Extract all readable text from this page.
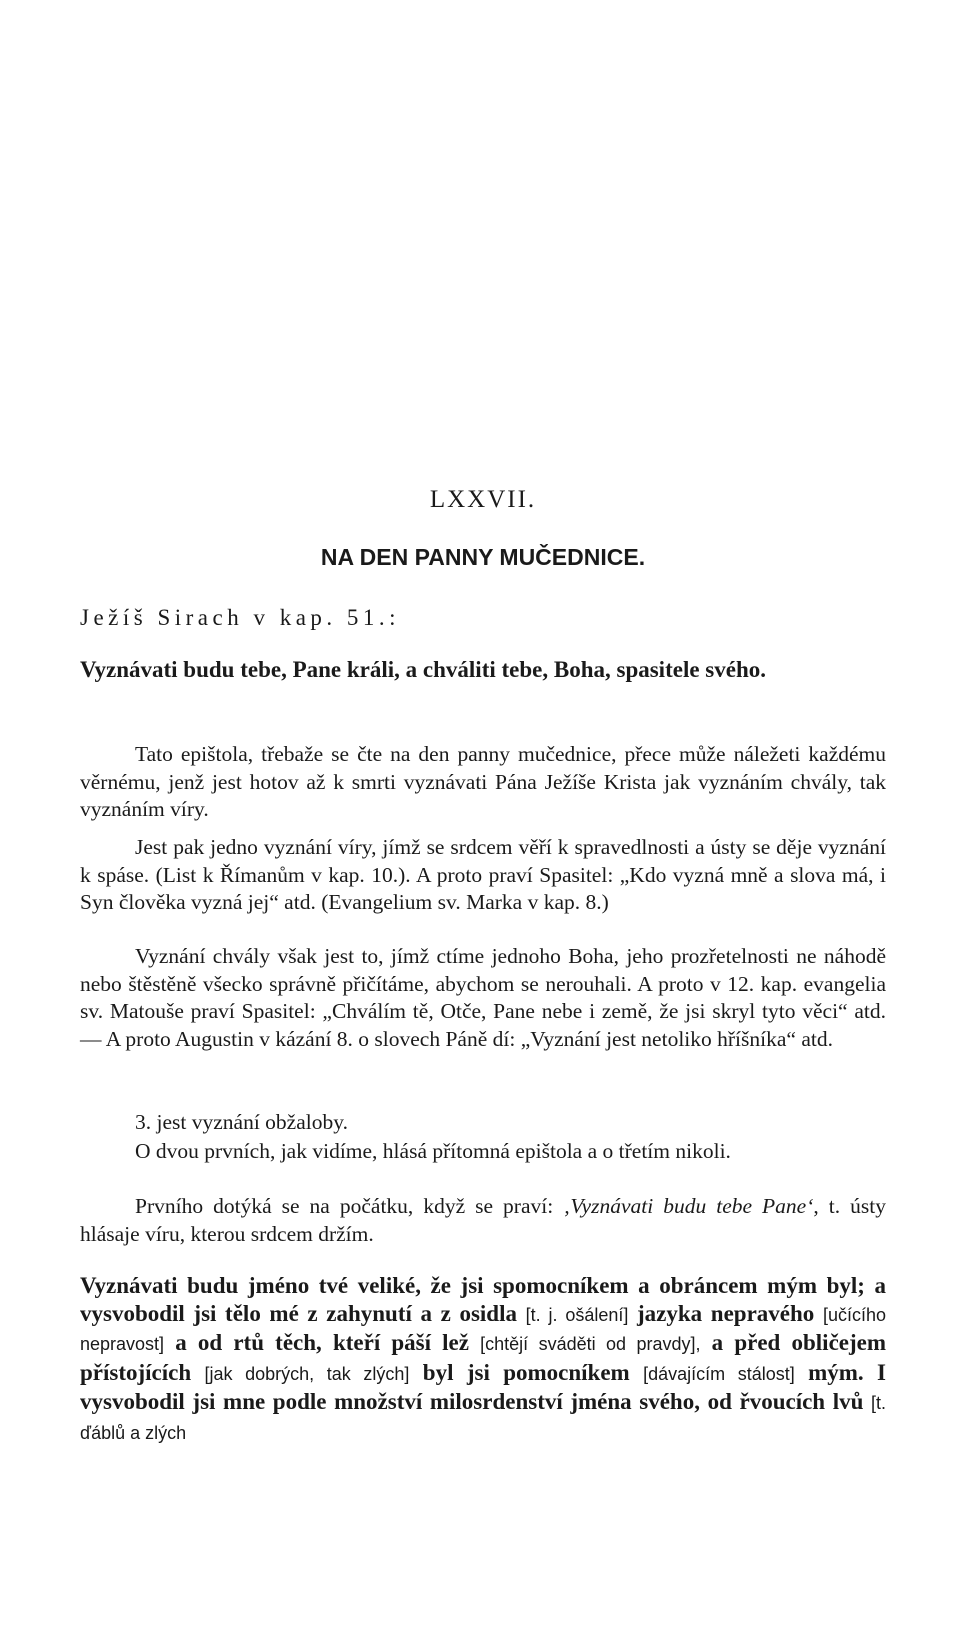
LXXVII.
NA DEN PANNY MUČEDNICE.

Ježíš Sirach v kap. 51.:

Vyznávati budu tebe, Pane králi, a chváliti tebe, Boha, spasitele svého.

Tato epištola, třebaže se čte na den panny mučednice, přece může náležeti každému věrnému, jenž jest hotov až k smrti vyznávati Pána Ježíše Krista jak vyznáním chvály, tak vyznáním víry.

Jest pak jedno vyznání víry, jímž se srdcem věří k spravedlnosti a ústy se děje vyznání k spáse. (List k Římanům v kap. 10.). A proto praví Spasitel: „Kdo vyzná mně a slova má, i Syn člověka vyzná jej“ atd. (Evangelium sv. Marka v kap. 8.)

Vyznání chvály však jest to, jímž ctíme jednoho Boha, jeho prozřetelnosti ne náhodě nebo štěstěně všecko správně přičítáme, abychom se nerouhali. A proto v 12. kap. evangelia sv. Matouše praví Spasitel: „Chválím tě, Otče, Pane nebe i země, že jsi skryl tyto věci“ atd. — A proto Augustin v kázání 8. o slovech Páně dí: „Vyznání jest netoliko hříšníka“ atd.

3. jest vyznání obžaloby.

O dvou prvních, jak vidíme, hlásá přítomná epištola a o třetím nikoli.

Prvního dotýká se na počátku, když se praví: ‚Vyznávati budu tebe Pane‘, t. ústy hlásaje víru, kterou srdcem držím.

Vyznávati budu jméno tvé veliké, že jsi spomocníkem a obráncem mým byl; a vysvobodil jsi tělo mé z zahynutí a z osidla [t. j. ošálení] jazyka nepravého [učícího nepravost] a od rtů těch, kteří páší lež [chtějí sváděti od pravdy], a před obličejem přístojících [jak dobrých, tak zlých] byl jsi pomocníkem [dávajícím stálost] mým. I vysvobodil jsi mne podle množství milosrdenství jména svého, od řvoucích lvů [t. ďáblů a zlých
